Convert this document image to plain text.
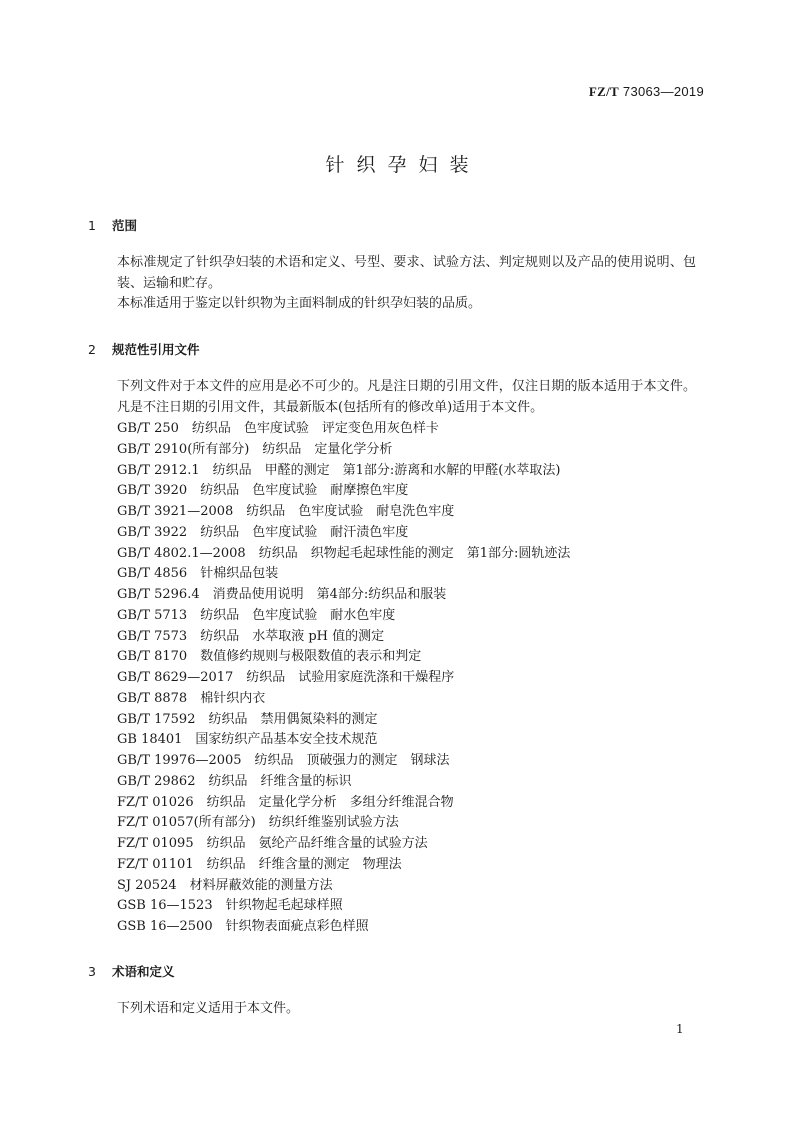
FZ/T 73063—2019
针织孕妇装
1 范围
本标准规定了针织孕妇装的术语和定义、号型、要求、试验方法、判定规则以及产品的使用说明、包装、运输和贮存。
本标准适用于鉴定以针织物为主面料制成的针织孕妇装的品质。
2 规范性引用文件
下列文件对于本文件的应用是必不可少的。凡是注日期的引用文件，仅注日期的版本适用于本文件。凡是不注日期的引用文件，其最新版本(包括所有的修改单)适用于本文件。
GB/T 250　纺织品　色牢度试验　评定变色用灰色样卡
GB/T 2910(所有部分)　纺织品　定量化学分析
GB/T 2912.1　纺织品　甲醛的测定　第1部分:游离和水解的甲醛(水萃取法)
GB/T 3920　纺织品　色牢度试验　耐摩擦色牢度
GB/T 3921—2008　纺织品　色牢度试验　耐皂洗色牢度
GB/T 3922　纺织品　色牢度试验　耐汗渍色牢度
GB/T 4802.1—2008　纺织品　织物起毛起球性能的测定　第1部分:圆轨迹法
GB/T 4856　针棉织品包装
GB/T 5296.4　消费品使用说明　第4部分:纺织品和服装
GB/T 5713　纺织品　色牢度试验　耐水色牢度
GB/T 7573　纺织品　水萃取液 pH 值的测定
GB/T 8170　数值修约规则与极限数值的表示和判定
GB/T 8629—2017　纺织品　试验用家庭洗涤和干燥程序
GB/T 8878　棉针织内衣
GB/T 17592　纺织品　禁用偶氮染料的测定
GB 18401　国家纺织产品基本安全技术规范
GB/T 19976—2005　纺织品　顶破强力的测定　钢球法
GB/T 29862　纺织品　纤维含量的标识
FZ/T 01026　纺织品　定量化学分析　多组分纤维混合物
FZ/T 01057(所有部分)　纺织纤维鉴别试验方法
FZ/T 01095　纺织品　氨纶产品纤维含量的试验方法
FZ/T 01101　纺织品　纤维含量的测定　物理法
SJ 20524　材料屏蔽效能的测量方法
GSB 16—1523　针织物起毛起球样照
GSB 16—2500　针织物表面疵点彩色样照
3 术语和定义
下列术语和定义适用于本文件。
1
